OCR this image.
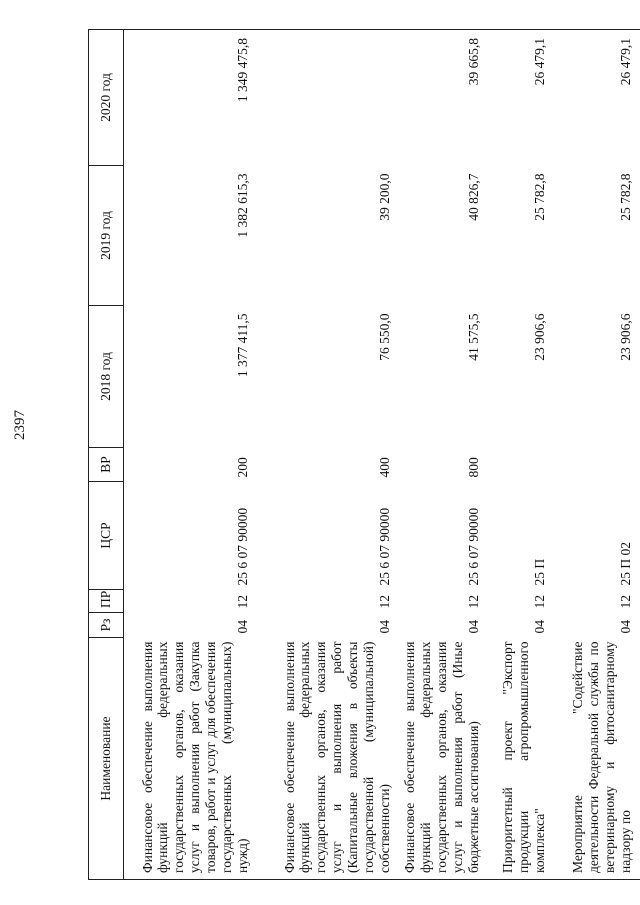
2397
Наименование	Рз	ПР	ЦСР	ВР	2018 год	2019 год	2020 год
Финансовое обеспечение выполнения функций федеральных государственных органов, оказания услуг и выполнения работ (Закупка товаров, работ и услуг для обеспечения государственных (муниципальных) нужд)	04	12	25 6 07 90000	200	1 377 411,5	1 382 615,3	1 349 475,8
Финансовое обеспечение выполнения функций федеральных государственных органов, оказания услуг и выполнения работ (Капитальные вложения в объекты государственной (муниципальной) собственности)	04	12	25 6 07 90000	400	76 550,0	39 200,0	
Финансовое обеспечение выполнения функций федеральных государственных органов, оказания услуг и выполнения работ (Иные бюджетные ассигнования)	04	12	25 6 07 90000	800	41 575,5	40 826,7	39 665,8
Приоритетный проект "Экспорт продукции агропромышленного комплекса"	04	12	25 П		23 906,6	25 782,8	26 479,1
Мероприятие "Содействие деятельности Федеральной службы по ветеринарному и фитосанитарному надзору по	04	12	25 П 02		23 906,6	25 782,8	26 479,1
